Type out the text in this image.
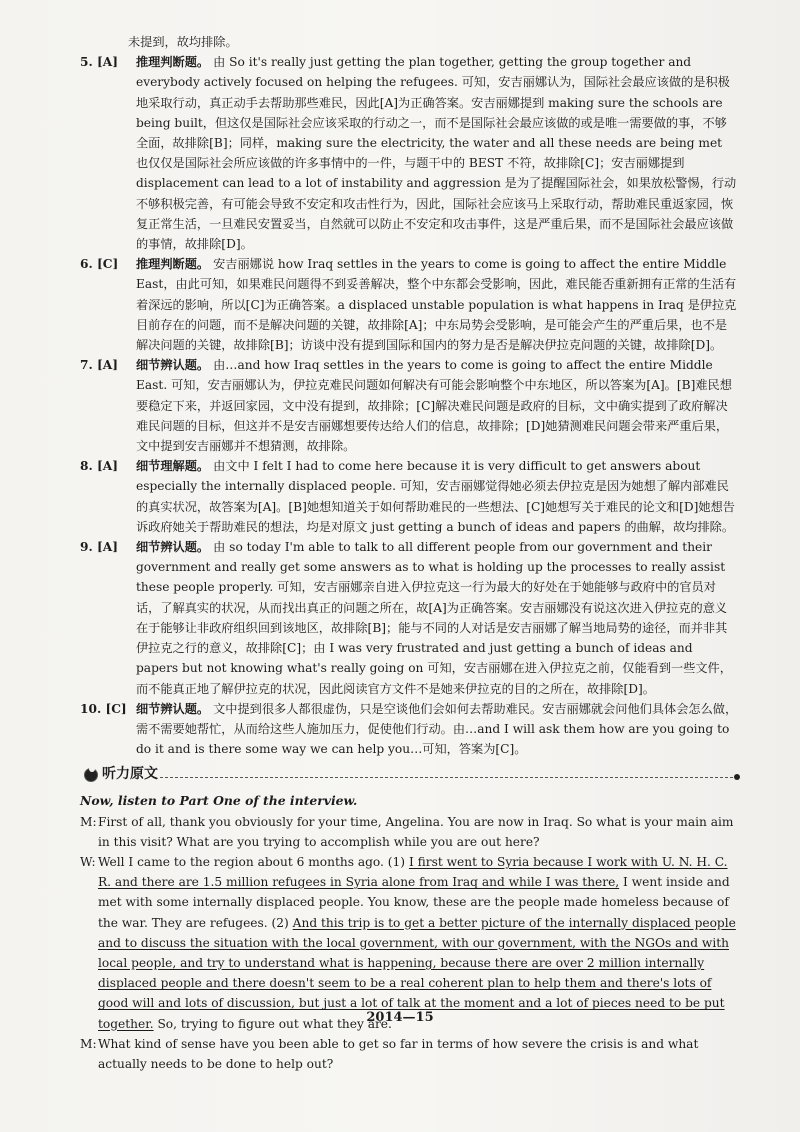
未提到，故均排除。
5. [A] 推理判断题。 由 So it's really just getting the plan together, getting the group together and everybody actively focused on helping the refugees. 可知，安吉丽娜认为，国际社会最应该做的是积极地采取行动，真正动手去帮助那些难民，因此[A]为正确答案。安吉丽娜提到 making sure the schools are being built，但这仅是国际社会应该采取的行动之一，而不是国际社会最应该做的或是唯一需要做的事，不够全面，故排除[B]；同样，making sure the electricity, the water and all these needs are being met 也仅仅是国际社会所应该做的许多事情中的一件，与题干中的 BEST 不符，故排除[C]；安吉丽娜提到 displacement can lead to a lot of instability and aggression 是为了提醒国际社会，如果放松警惕，行动不够积极完善，有可能会导致不安定和攻击性行为，因此，国际社会应该马上采取行动，帮助难民重返家园，恢复正常生活，一旦难民安置妥当，自然就可以防止不安定和攻击事件，这是严重后果，而不是国际社会最应该做的事情，故排除[D]。
6. [C] 推理判断题。 安吉丽娜说 how Iraq settles in the years to come is going to affect the entire Middle East，由此可知，如果难民问题得不到妥善解决，整个中东都会受影响，因此，难民能否重新拥有正常的生活有着深远的影响，所以[C]为正确答案。a displaced unstable population is what happens in Iraq 是伊拉克目前存在的问题，而不是解决问题的关键，故排除[A]；中东局势会受影响，是可能会产生的严重后果，也不是解决问题的关键，故排除[B]；访谈中没有提到国际和国内的努力是否是解决伊拉克问题的关键，故排除[D]。
7. [A] 细节辨认题。 由…and how Iraq settles in the years to come is going to affect the entire Middle East. 可知，安吉丽娜认为，伊拉克难民问题如何解决有可能会影响整个中东地区，所以答案为[A]。[B]难民想要稳定下来，并返回家园，文中没有提到，故排除；[C]解决难民问题是政府的目标，文中确实提到了政府解决难民问题的目标，但这并不是安吉丽娜想要传达给人们的信息，故排除；[D]她猜测难民问题会带来严重后果，文中提到安吉丽娜并不想猜测，故排除。
8. [A] 细节理解题。 由文中 I felt I had to come here because it is very difficult to get answers about especially the internally displaced people. 可知，安吉丽娜觉得她必须去伊拉克是因为她想了解内部难民的真实状况，故答案为[A]。[B]她想知道关于如何帮助难民的一些想法、[C]她想写关于难民的论文和[D]她想告诉政府她关于帮助难民的想法，均是对原文 just getting a bunch of ideas and papers 的曲解，故均排除。
9. [A] 细节辨认题。 由 so today I'm able to talk to all different people from our government and their government and really get some answers as to what is holding up the processes to really assist these people properly. 可知，安吉丽娜亲自进入伊拉克这一行为最大的好处在于她能够与政府中的官员对话，了解真实的状况，从而找出真正的问题之所在，故[A]为正确答案。安吉丽娜没有说这次进入伊拉克的意义在于能够让非政府组织回到该地区，故排除[B]；能与不同的人对话是安吉丽娜了解当地局势的途径，而并非其伊拉克之行的意义，故排除[C]；由 I was very frustrated and just getting a bunch of ideas and papers but not knowing what's really going on 可知，安吉丽娜在进入伊拉克之前，仅能看到一些文件，而不能真正地了解伊拉克的状况，因此阅读官方文件不是她来伊拉克的目的之所在，故排除[D]。
10. [C] 细节辨认题。 文中提到很多人都很虚伪，只是空谈他们会如何去帮助难民。安吉丽娜就会问他们具体会怎么做，需不需要她帮忙，从而给这些人施加压力，促使他们行动。由…and I will ask them how are you going to do it and is there some way we can help you…可知，答案为[C]。
听力原文
Now, listen to Part One of the interview.
M: First of all, thank you obviously for your time, Angelina. You are now in Iraq. So what is your main aim in this visit? What are you trying to accomplish while you are out here?
W: Well I came to the region about 6 months ago. (1) I first went to Syria because I work with U. N. H. C. R. and there are 1.5 million refugees in Syria alone from Iraq and while I was there, I went inside and met with some internally displaced people. You know, these are the people made homeless because of the war. They are refugees. (2) And this trip is to get a better picture of the internally displaced people and to discuss the situation with the local government, with our government, with the NGOs and with local people, and try to understand what is happening, because there are over 2 million internally displaced people and there doesn't seem to be a real coherent plan to help them and there's lots of good will and lots of discussion, but just a lot of talk at the moment and a lot of pieces need to be put together. So, trying to figure out what they are.
M: What kind of sense have you been able to get so far in terms of how severe the crisis is and what actually needs to be done to help out?
2014—15
